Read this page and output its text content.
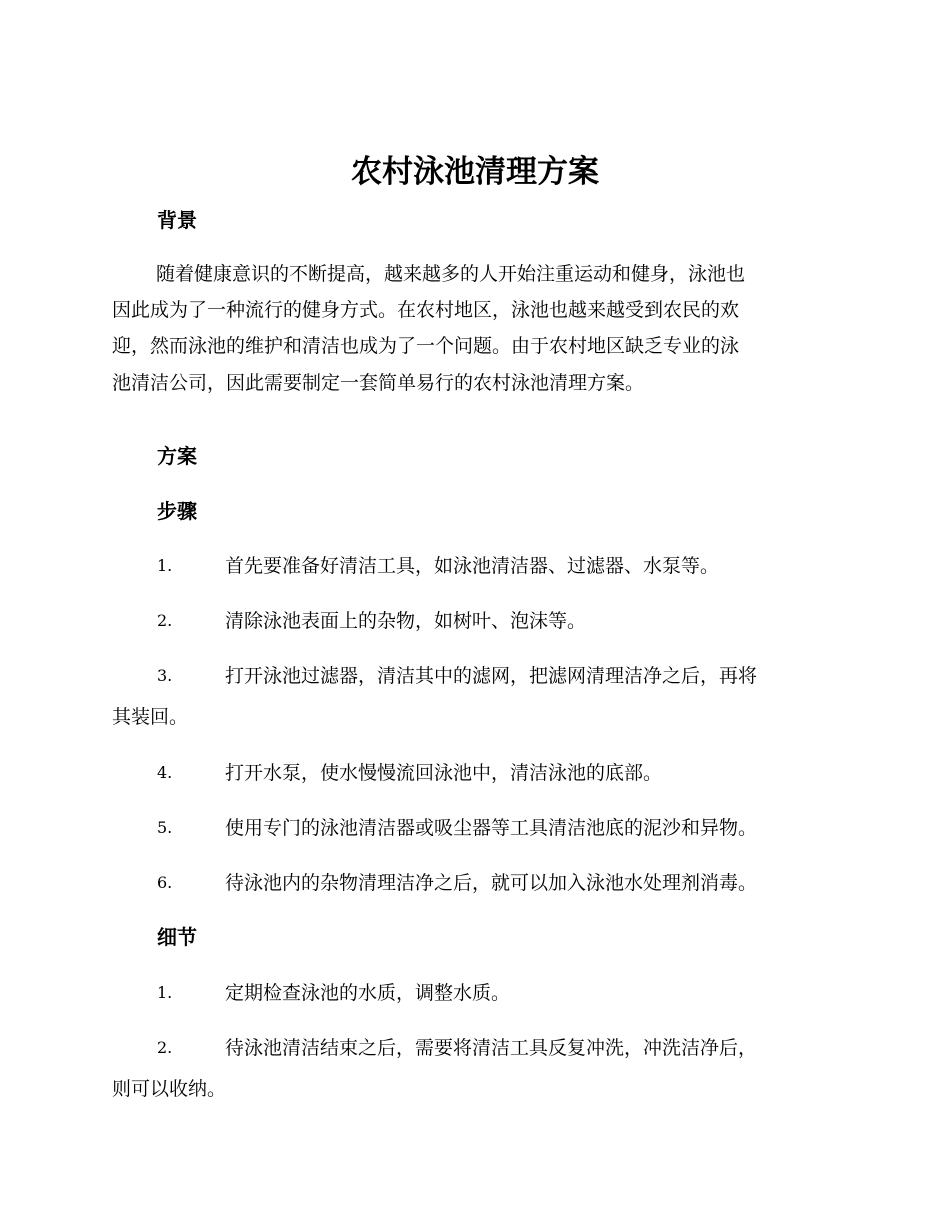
农村泳池清理方案
背景
随着健康意识的不断提高，越来越多的人开始注重运动和健身，泳池也
因此成为了一种流行的健身方式。在农村地区，泳池也越来越受到农民的欢
迎，然而泳池的维护和清洁也成为了一个问题。由于农村地区缺乏专业的泳
池清洁公司，因此需要制定一套简单易行的农村泳池清理方案。
方案
步骤
1.	首先要准备好清洁工具，如泳池清洁器、过滤器、水泵等。
2.	清除泳池表面上的杂物，如树叶、泡沫等。
3.	打开泳池过滤器，清洁其中的滤网，把滤网清理洁净之后，再将
其装回。
4.	打开水泵，使水慢慢流回泳池中，清洁泳池的底部。
5.	使用专门的泳池清洁器或吸尘器等工具清洁池底的泥沙和异物。
6.	待泳池内的杂物清理洁净之后，就可以加入泳池水处理剂消毒。
细节
1.	定期检查泳池的水质，调整水质。
2.	待泳池清洁结束之后，需要将清洁工具反复冲洗，冲洗洁净后，
则可以收纳。
